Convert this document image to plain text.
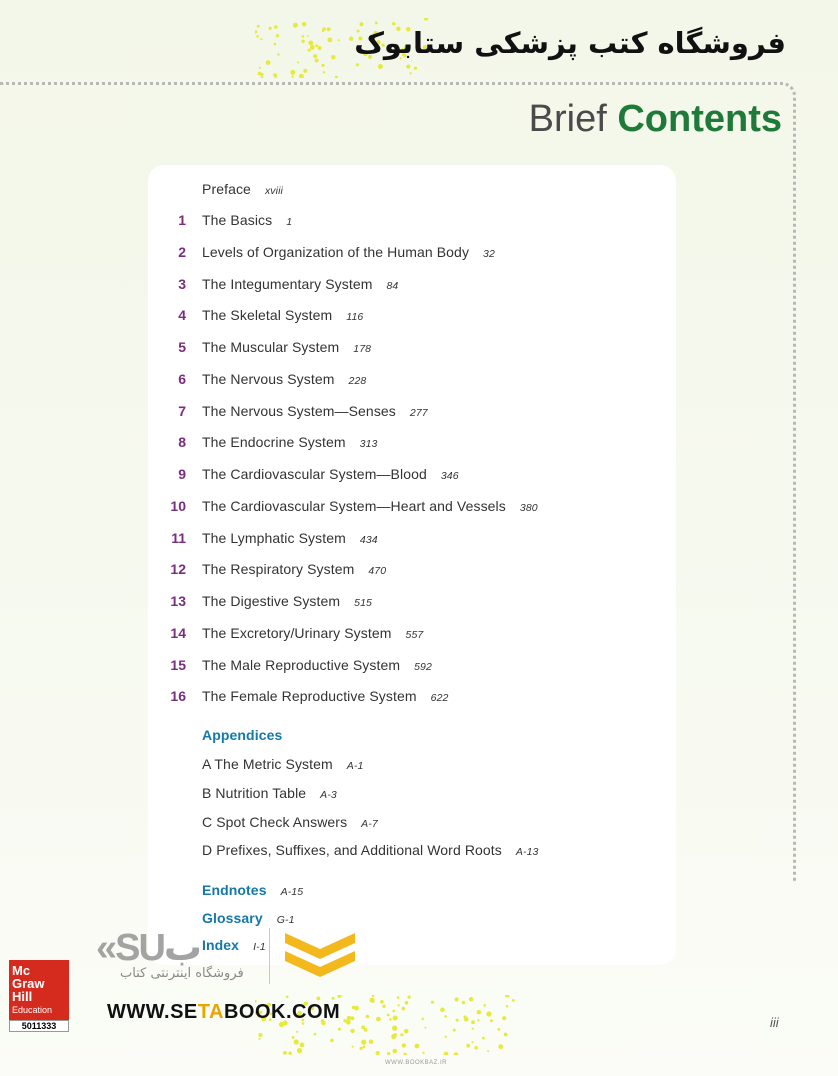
فروشگاه کتب پزشکی ستابوک
Brief Contents
Preface xviii
1 The Basics 1
2 Levels of Organization of the Human Body 32
3 The Integumentary System 84
4 The Skeletal System 116
5 The Muscular System 178
6 The Nervous System 228
7 The Nervous System—Senses 277
8 The Endocrine System 313
9 The Cardiovascular System—Blood 346
10 The Cardiovascular System—Heart and Vessels 380
11 The Lymphatic System 434
12 The Respiratory System 470
13 The Digestive System 515
14 The Excretory/Urinary System 557
15 The Male Reproductive System 592
16 The Female Reproductive System 622
Appendices
A The Metric System A-1
B Nutrition Table A-3
C Spot Check Answers A-7
D Prefixes, Suffixes, and Additional Word Roots A-13
Endnotes A-15
Glossary G-1
Index I-1
«SUب
فروشگاه اینترنتی کتاب
Mc
Graw
Hill
Education
5011333
WWW.SETABOOK.COM	iii
WWW.BOOKBAZ.IR
